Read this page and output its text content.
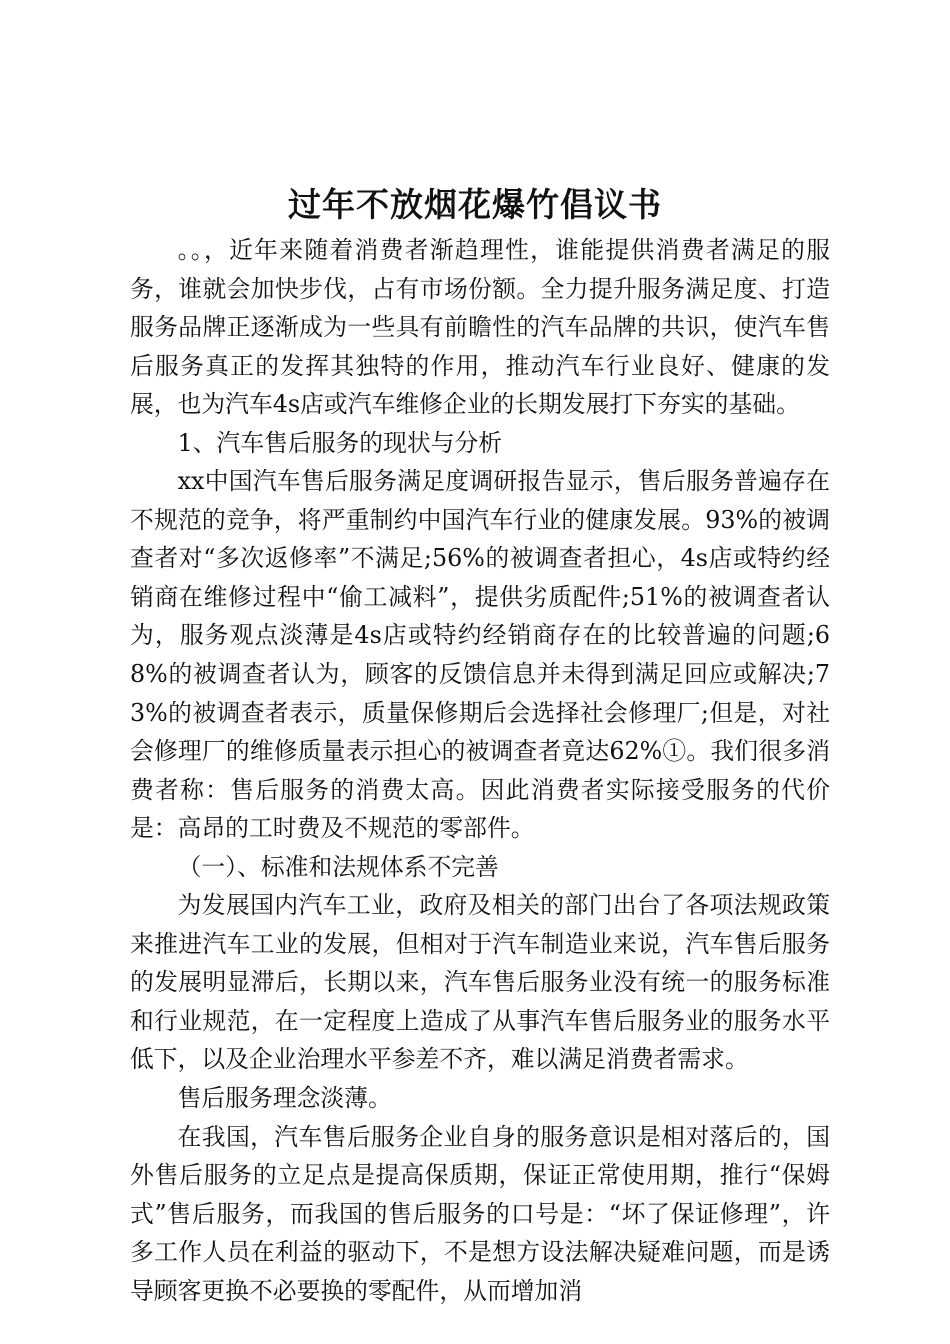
过年不放烟花爆竹倡议书

。。，近年来随着消费者渐趋理性，谁能提供消费者满足的服务，谁就会加快步伐，占有市场份额。全力提升服务满足度、打造服务品牌正逐渐成为一些具有前瞻性的汽车品牌的共识，使汽车售后服务真正的发挥其独特的作用，推动汽车行业良好、健康的发展，也为汽车4s店或汽车维修企业的长期发展打下夯实的基础。

1、汽车售后服务的现状与分析

xx中国汽车售后服务满足度调研报告显示，售后服务普遍存在不规范的竞争，将严重制约中国汽车行业的健康发展。93%的被调查者对“多次返修率”不满足;56%的被调查者担心，4s店或特约经销商在维修过程中“偷工减料”，提供劣质配件;51%的被调查者认为，服务观点淡薄是4s店或特约经销商存在的比较普遍的问题;68%的被调查者认为，顾客的反馈信息并未得到满足回应或解决;73%的被调查者表示，质量保修期后会选择社会修理厂;但是，对社会修理厂的维修质量表示担心的被调查者竟达62%①。我们很多消费者称：售后服务的消费太高。因此消费者实际接受服务的代价是：高昂的工时费及不规范的零部件。

（一）、标准和法规体系不完善

为发展国内汽车工业，政府及相关的部门出台了各项法规政策来推进汽车工业的发展，但相对于汽车制造业来说，汽车售后服务的发展明显滞后，长期以来，汽车售后服务业没有统一的服务标准和行业规范，在一定程度上造成了从事汽车售后服务业的服务水平低下，以及企业治理水平参差不齐，难以满足消费者需求。

售后服务理念淡薄。

在我国，汽车售后服务企业自身的服务意识是相对落后的，国外售后服务的立足点是提高保质期，保证正常使用期，推行“保姆式”售后服务，而我国的售后服务的口号是：“坏了保证修理”，许多工作人员在利益的驱动下，不是想方设法解决疑难问题，而是诱导顾客更换不必要换的零配件，从而增加消
